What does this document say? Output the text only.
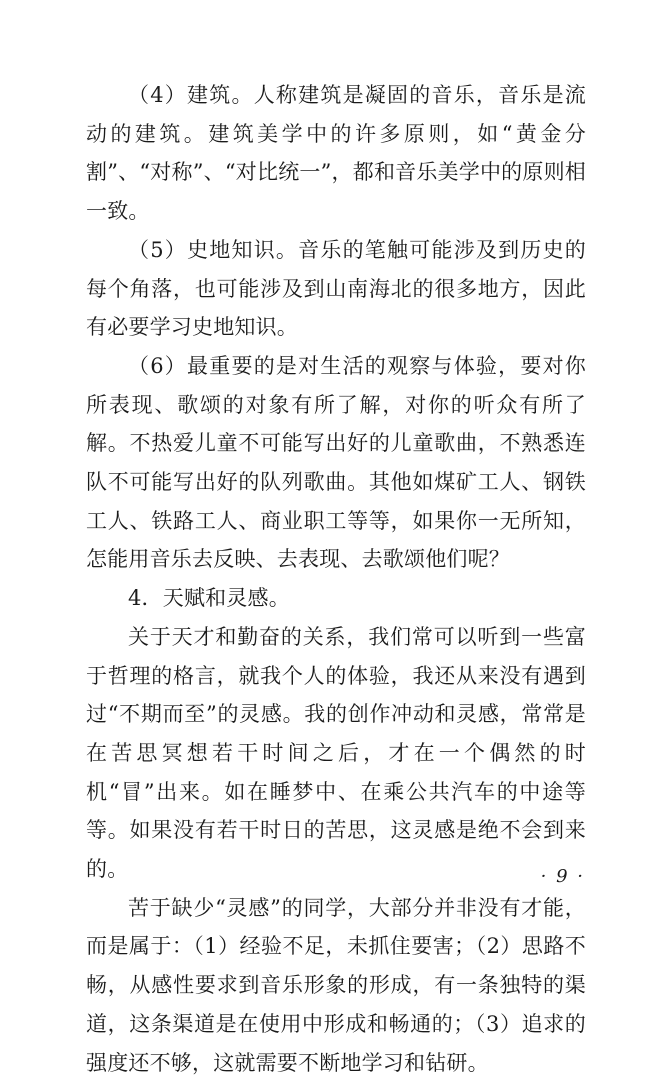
（4）建筑。人称建筑是凝固的音乐，音乐是流动的建筑。建筑美学中的许多原则，如“黄金分割”、“对称”、“对比统一”，都和音乐美学中的原则相一致。

（5）史地知识。音乐的笔触可能涉及到历史的每个角落，也可能涉及到山南海北的很多地方，因此有必要学习史地知识。

（6）最重要的是对生活的观察与体验，要对你所表现、歌颂的对象有所了解，对你的听众有所了解。不热爱儿童不可能写出好的儿童歌曲，不熟悉连队不可能写出好的队列歌曲。其他如煤矿工人、钢铁工人、铁路工人、商业职工等等，如果你一无所知，怎能用音乐去反映、去表现、去歌颂他们呢？

4．天赋和灵感。

关于天才和勤奋的关系，我们常可以听到一些富于哲理的格言，就我个人的体验，我还从来没有遇到过“不期而至”的灵感。我的创作冲动和灵感，常常是在苦思冥想若干时间之后，才在一个偶然的时机“冒”出来。如在睡梦中、在乘公共汽车的中途等等。如果没有若干时日的苦思，这灵感是绝不会到来的。

苦于缺少“灵感”的同学，大部分并非没有才能，而是属于：（1）经验不足，未抓住要害；（2）思路不畅，从感性要求到音乐形象的形成，有一条独特的渠道，这条渠道是在使用中形成和畅通的；（3）追求的强度还不够，这就需要不断地学习和钻研。

· 9 ·
